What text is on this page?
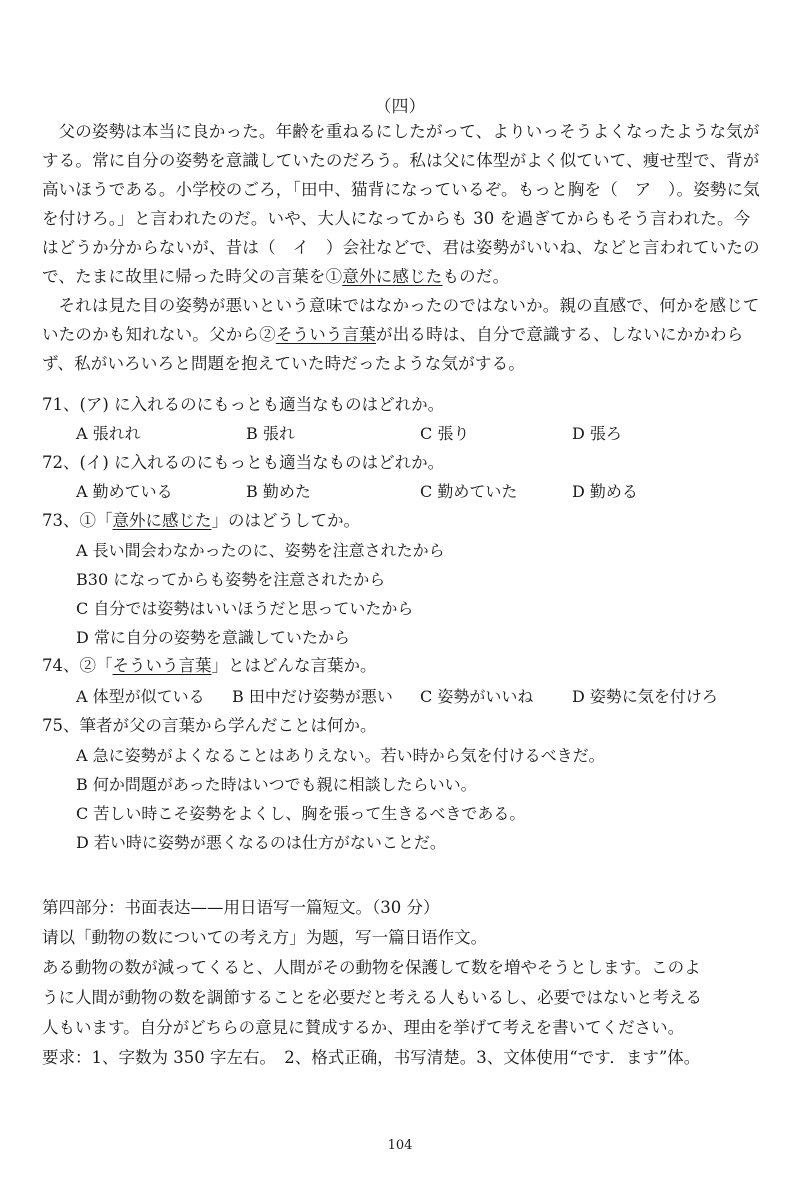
（四）

父の姿勢は本当に良かった。年齢を重ねるにしたがって、よりいっそうよくなったような気がする。常に自分の姿勢を意識していたのだろう。私は父に体型がよく似ていて、痩せ型で、背が高いほうである。小学校のごろ，「田中、猫背になっているぞ。もっと胸を（　ア　）。姿勢に気を付けろ。」と言われたのだ。いや、大人になってからも 30 を過ぎてからもそう言われた。今はどうか分からないが、昔は（　イ　）会社などで、君は姿勢がいいね、などと言われていたので、たまに故里に帰った時父の言葉を①意外に感じたものだ。

それは見た目の姿勢が悪いという意味ではなかったのではないか。親の直感で、何かを感じていたのかも知れない。父から②そういう言葉が出る時は、自分で意識する、しないにかかわらず、私がいろいろと問題を抱えていた時だったような気がする。

71、(ア) に入れるのにもっとも適当なものはどれか。
A 張れれ	B 張れ	C 張り	D 張ろ
72、(イ) に入れるのにもっとも適当なものはどれか。
A 勤めている	B 勤めた	C 勤めていた	D 勤める
73、①「意外に感じた」のはどうしてか。
A 長い間会わなかったのに、姿勢を注意されたから
B30 になってからも姿勢を注意されたから
C 自分では姿勢はいいほうだと思っていたから
D 常に自分の姿勢を意識していたから
74、②「そういう言葉」とはどんな言葉か。
A 体型が似ている B 田中だけ姿勢が悪い C 姿勢がいいね D 姿勢に気を付けろ
75、筆者が父の言葉から学んだことは何か。
A 急に姿勢がよくなることはありえない。若い時から気を付けるべきだ。
B 何か問題があった時はいつでも親に相談したらいい。
C 苦しい時こそ姿勢をよくし、胸を張って生きるべきである。
D 若い時に姿勢が悪くなるのは仕方がないことだ。
第四部分：书面表达——用日语写一篇短文。（30 分）
请以「動物の数についての考え方」为题，写一篇日语作文。
ある動物の数が減ってくると、人間がその動物を保護して数を増やそうとします。このよ
うに人間が動物の数を調節することを必要だと考える人もいるし、必要ではないと考える
人もいます。自分がどちらの意見に賛成するか、理由を挙げて考えを書いてください。
要求：1、字数为 350 字左右。　2、格式正确，书写清楚。3、文体使用“です．ます”体。
104
